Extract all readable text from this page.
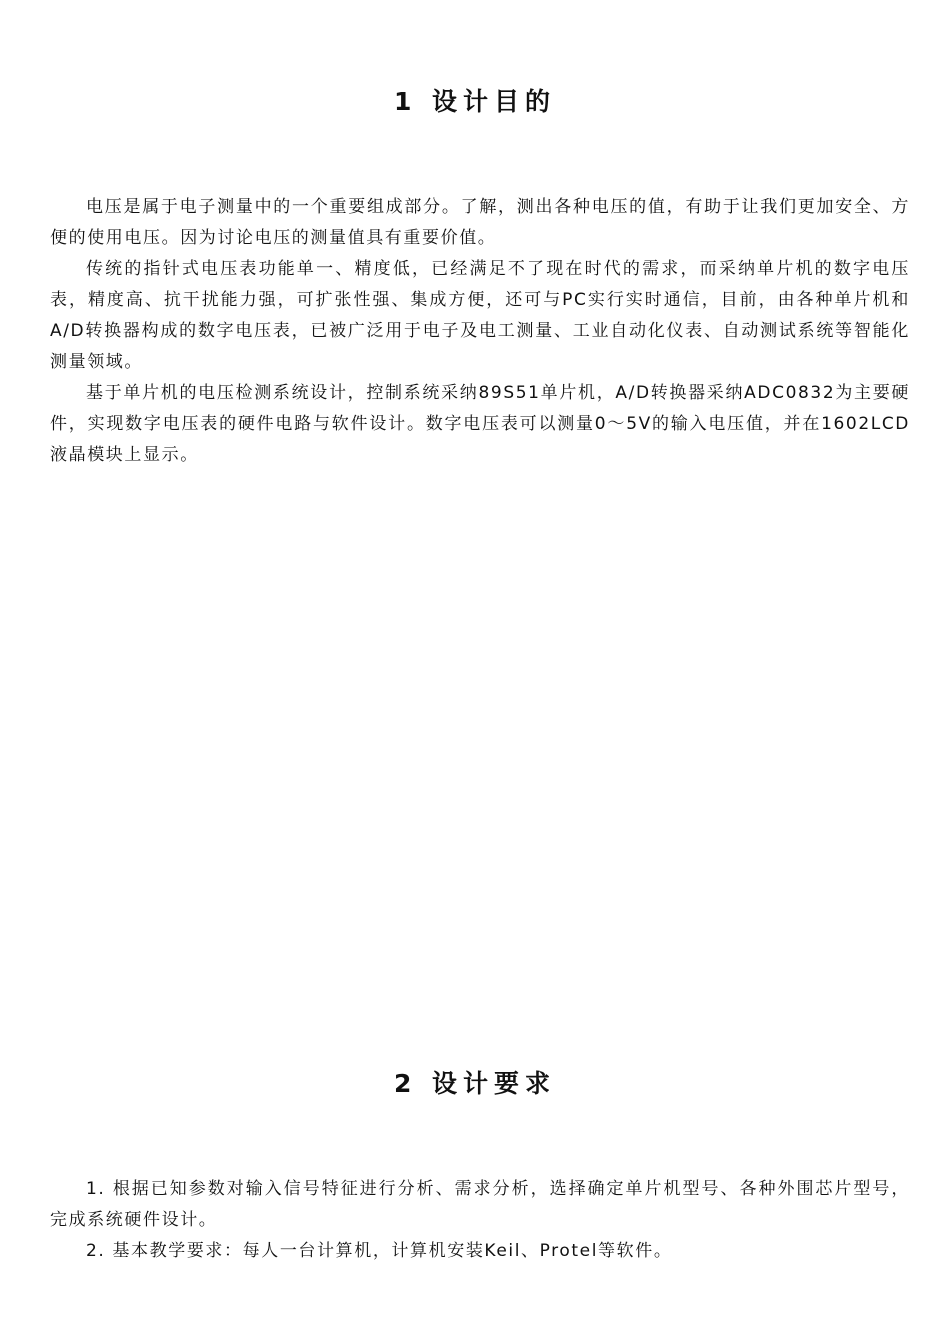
1 设计目的

电压是属于电子测量中的一个重要组成部分。了解，测出各种电压的值，有助于让我们更加安全、方便的使用电压。因为讨论电压的测量值具有重要价值。

传统的指针式电压表功能单一、精度低，已经满足不了现在时代的需求，而采纳单片机的数字电压表，精度高、抗干扰能力强，可扩张性强、集成方便，还可与PC实行实时通信，目前，由各种单片机和A/D转换器构成的数字电压表，已被广泛用于电子及电工测量、工业自动化仪表、自动测试系统等智能化测量领域。

基于单片机的电压检测系统设计，控制系统采纳89S51单片机，A/D转换器采纳ADC0832为主要硬件，实现数字电压表的硬件电路与软件设计。数字电压表可以测量0～5V的输入电压值，并在1602LCD液晶模块上显示。

2 设计要求

1. 根据已知参数对输入信号特征进行分析、需求分析，选择确定单片机型号、各种外围芯片型号，完成系统硬件设计。

2. 基本教学要求：每人一台计算机，计算机安装Keil、Protel等软件。
